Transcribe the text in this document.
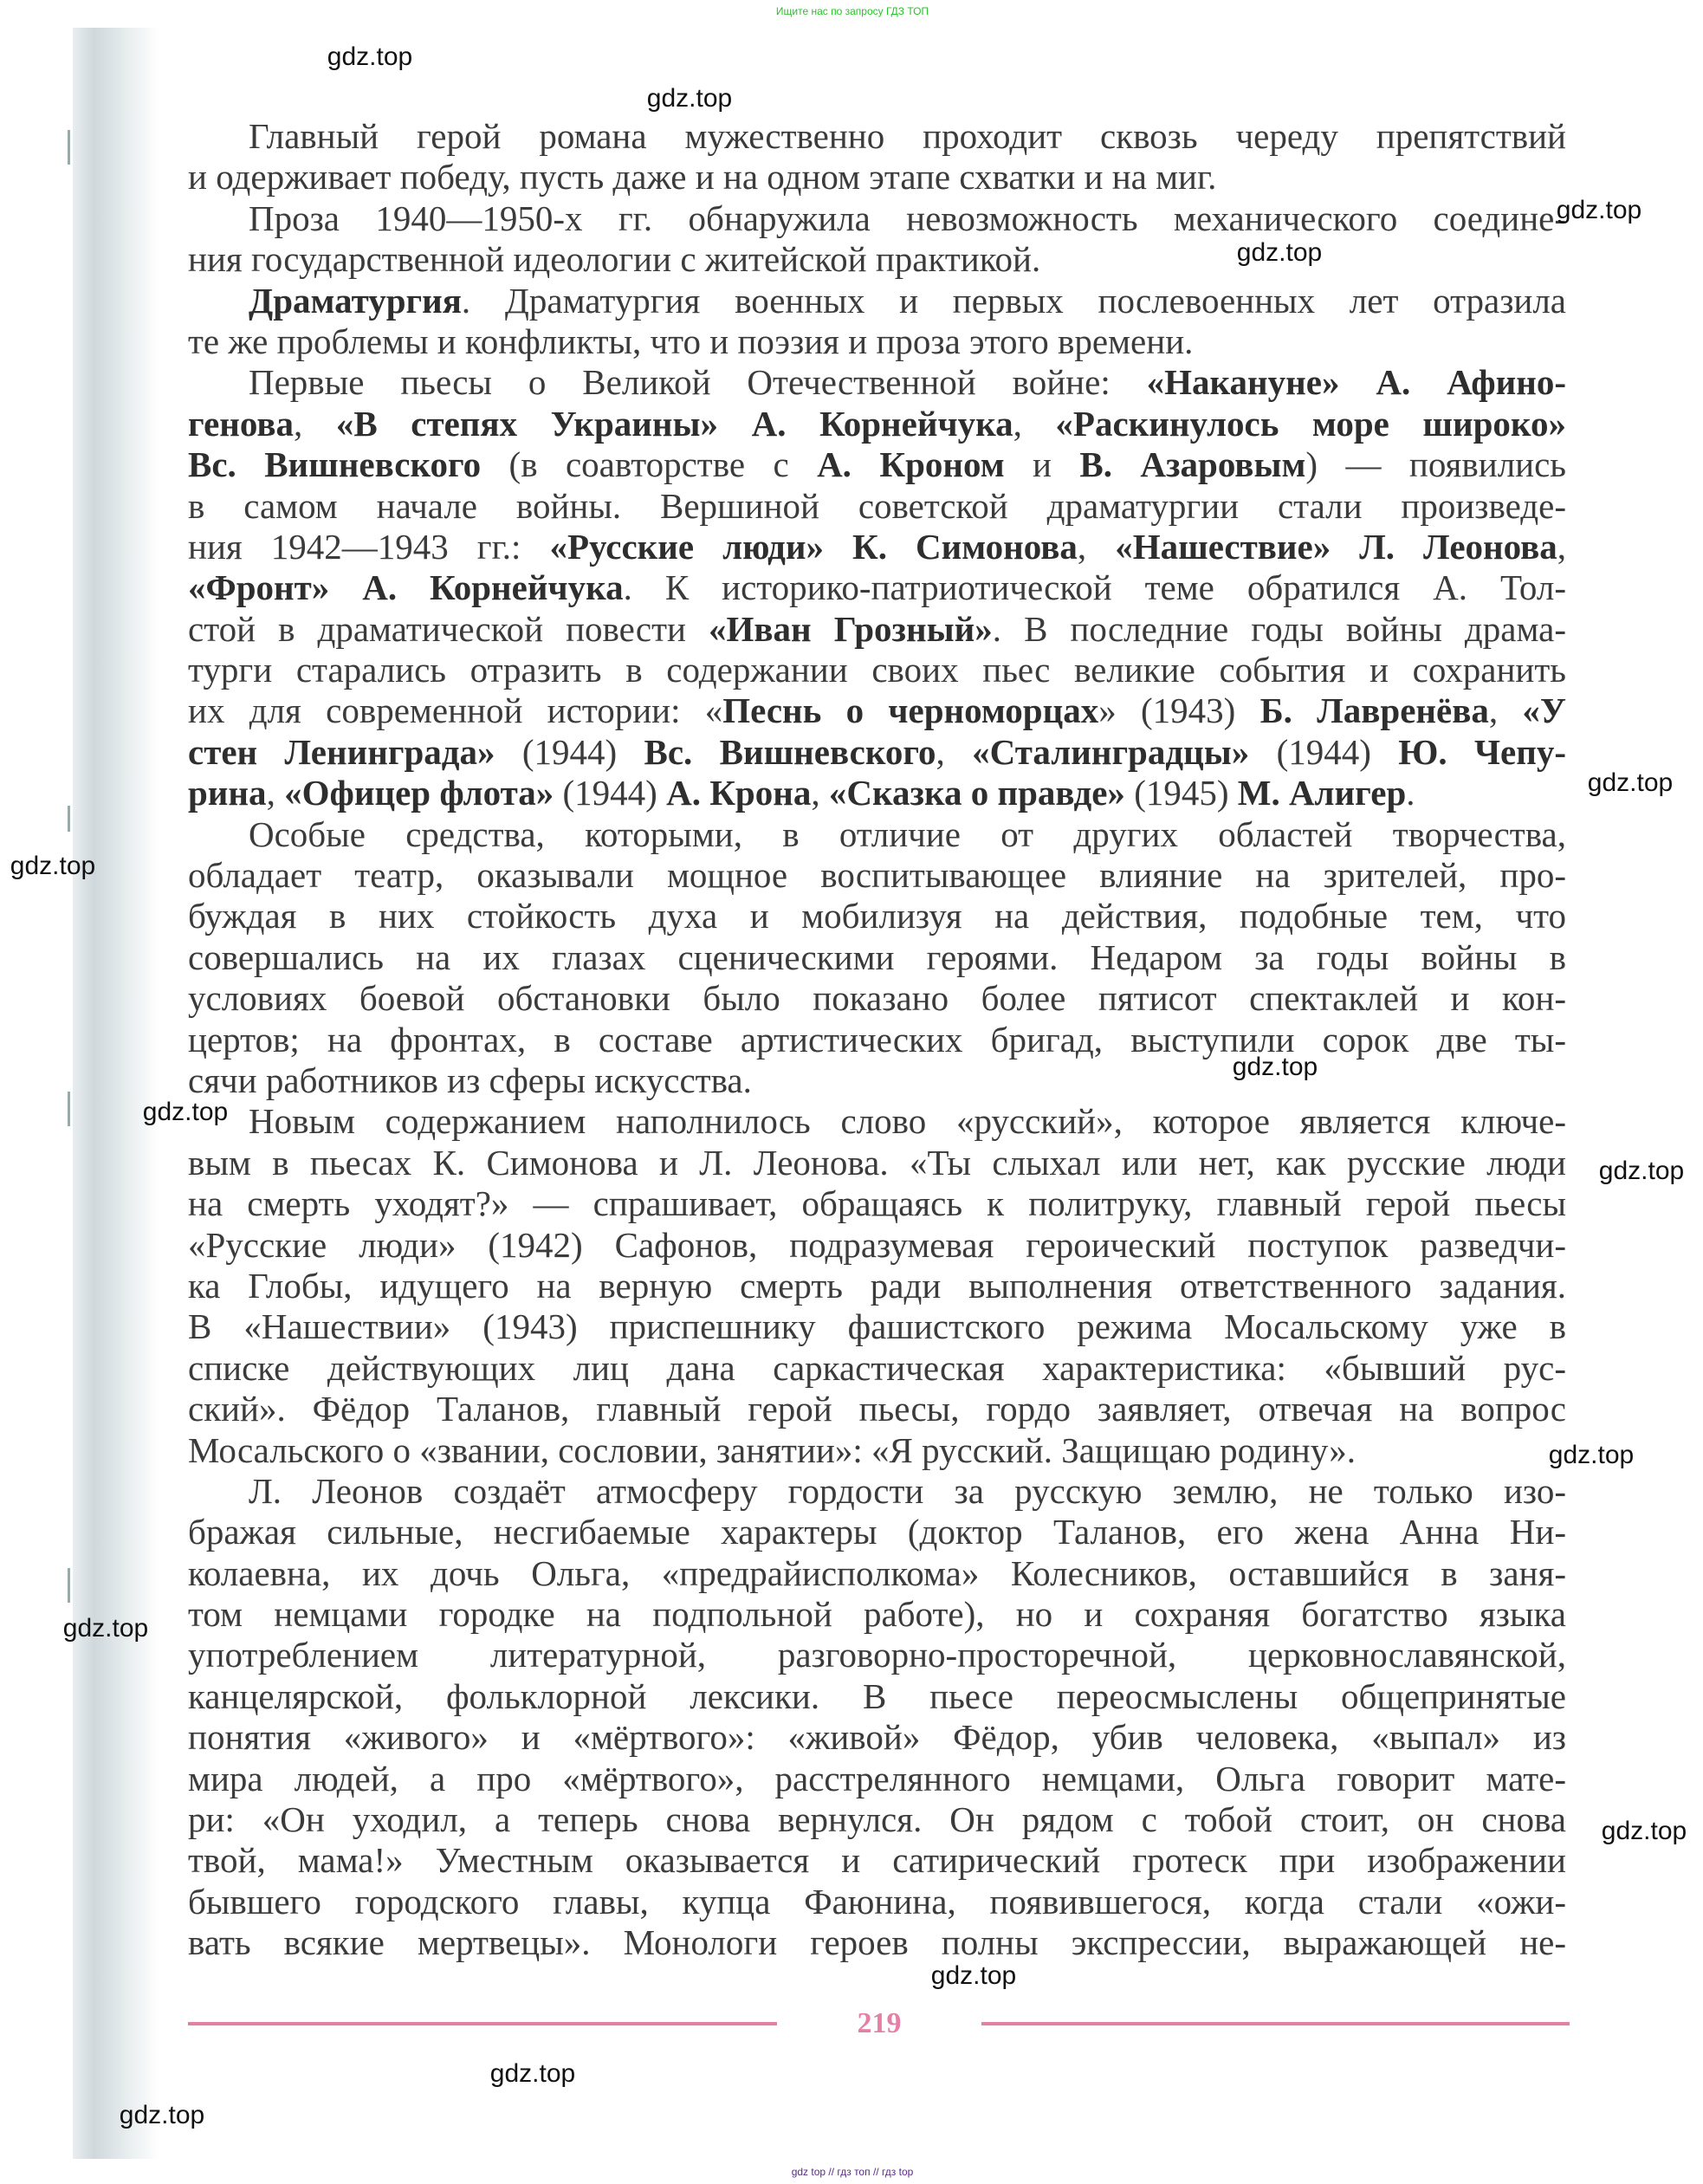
Ищите нас по запросу ГДЗ ТОП
Главный герой романа мужественно проходит сквозь череду препятствий
и одерживает победу, пусть даже и на одном этапе схватки и на миг.
Проза 1940—1950-х гг. обнаружила невозможность механического соедине-
ния государственной идеологии с житейской практикой.
Драматургия. Драматургия военных и первых послевоенных лет отразила
те же проблемы и конфликты, что и поэзия и проза этого времени.
Первые пьесы о Великой Отечественной войне: «Накануне» А. Афино-
генова, «В степях Украины» А. Корнейчука, «Раскинулось море широко»
Вс. Вишневского (в соавторстве с А. Кроном и В. Азаровым) — появились
в самом начале войны. Вершиной советской драматургии стали произведе-
ния 1942—1943 гг.: «Русские люди» К. Симонова, «Нашествие» Л. Леонова,
«Фронт» А. Корнейчука. К историко-патриотической теме обратился А. Тол-
стой в драматической повести «Иван Грозный». В последние годы войны драма-
турги старались отразить в содержании своих пьес великие события и сохранить
их для современной истории: «Песнь о черноморцах» (1943) Б. Лавренёва, «У
стен Ленинграда» (1944) Вс. Вишневского, «Сталинградцы» (1944) Ю. Чепу-
рина, «Офицер флота» (1944) А. Крона, «Сказка о правде» (1945) М. Алигер.
Особые средства, которыми, в отличие от других областей творчества,
обладает театр, оказывали мощное воспитывающее влияние на зрителей, про-
буждая в них стойкость духа и мобилизуя на действия, подобные тем, что
совершались на их глазах сценическими героями. Недаром за годы войны в
условиях боевой обстановки было показано более пятисот спектаклей и кон-
цертов; на фронтах, в составе артистических бригад, выступили сорок две ты-
сячи работников из сферы искусства.
Новым содержанием наполнилось слово «русский», которое является ключе-
вым в пьесах К. Симонова и Л. Леонова. «Ты слыхал или нет, как русские люди
на смерть уходят?» — спрашивает, обращаясь к политруку, главный герой пьесы
«Русские люди» (1942) Сафонов, подразумевая героический поступок разведчи-
ка Глобы, идущего на верную смерть ради выполнения ответственного задания.
В «Нашествии» (1943) приспешнику фашистского режима Мосальскому уже в
списке действующих лиц дана саркастическая характеристика: «бывший рус-
ский». Фёдор Таланов, главный герой пьесы, гордо заявляет, отвечая на вопрос
Мосальского о «звании, сословии, занятии»: «Я русский. Защищаю родину».
Л. Леонов создаёт атмосферу гордости за русскую землю, не только изо-
бражая сильные, несгибаемые характеры (доктор Таланов, его жена Анна Ни-
колаевна, их дочь Ольга, «предрайисполкома» Колесников, оставшийся в заня-
том немцами городке на подпольной работе), но и сохраняя богатство языка
употреблением литературной, разговорно-просторечной, церковнославянской,
канцелярской, фольклорной лексики. В пьесе переосмыслены общепринятые
понятия «живого» и «мёртвого»: «живой» Фёдор, убив человека, «выпал» из
мира людей, а про «мёртвого», расстрелянного немцами, Ольга говорит мате-
ри: «Он уходил, а теперь снова вернулся. Он рядом с тобой стоит, он снова
твой, мама!» Уместным оказывается и сатирический гротеск при изображении
бывшего городского главы, купца Фаюнина, появившегося, когда стали «ожи-
вать всякие мертвецы». Монологи героев полны экспрессии, выражающей не-
gdz.top
gdz.top
gdz.top
gdz.top
gdz.top
gdz.top
gdz.top
gdz.top
gdz.top
gdz.top
gdz.top
gdz.top
gdz.top
gdz.top
gdz.top
219
gdz top // гдз топ // гдз top
